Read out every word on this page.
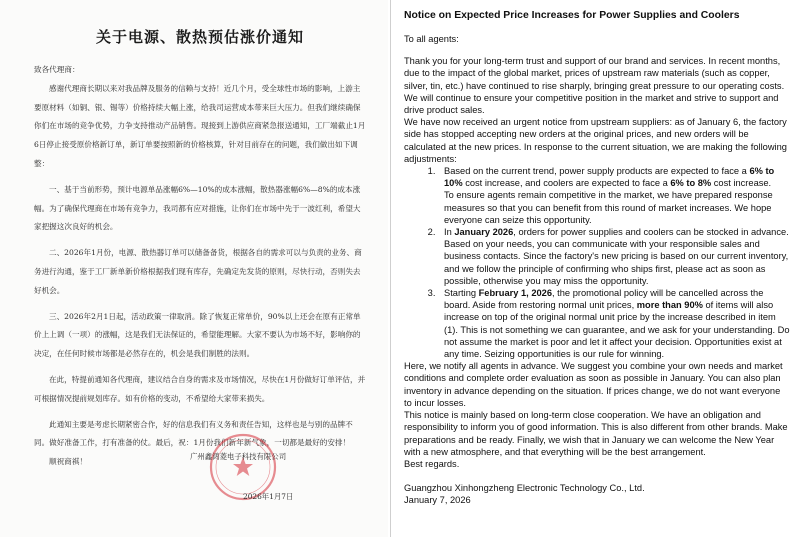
关于电源、散热预估涨价通知

致各代理商：

感谢代理商长期以来对我品牌及服务的信赖与支持！近几个月，受全球性市场的影响，上游主要原材料（如铜、银、锡等）价格持续大幅上涨，给我司运营成本带来巨大压力。但我们继续确保你们在市场的竞争优势，力争支持推动产品销售。现接到上游供应商紧急报送通知，工厂端截止1月6日停止接受原价格新订单，新订单要按照新的价格核算，针对目前存在的问题，我们做出如下调整：

一、基于当前形势，预计电源单品涨幅6%—10%的成本涨幅，散热器涨幅6%—8%的成本涨幅。为了确保代理商在市场有竞争力，我司都有应对措施，让你们在市场中先于一波红利，希望大家把握这次良好的机会。

二、2026年1月份，电源、散热器订单可以储备备货，根据各自的需求可以与负责的业务、商务进行沟通，鉴于工厂新单新价格根据我们现有库存，先确定先发货的原则，尽快行动，否则失去好机会。

三、2026年2月1日起，活动政策一律取消。除了恢复正常单价，90%以上还会在原有正常单价上上调（一项）的涨幅，这是我们无法保证的，希望能理解。大家不要认为市场不好，影响你的决定，在任何时候市场都是必然存在的，机会是我们制胜的法则。

在此，特提前通知各代理商，建议结合自身的需求及市场情况，尽快在1月份做好订单评估，并可根据情况提前规划库存。如有价格的变动，不希望给大家带来损失。

此通知主要是考虑长期紧密合作，好的信息我们有义务和责任告知，这样也是与别的品牌不同。做好准备工作，打有准备的仗。最后，祝：1月份我们新年新气象，一切都是最好的安排！

顺祝商祺！

广州鑫鸿菱电子科技有限公司
2026年1月7日
Notice on Expected Price Increases for Power Supplies and Coolers

To all agents:

Thank you for your long-term trust and support of our brand and services. In recent months, due to the impact of the global market, prices of upstream raw materials (such as copper, silver, tin, etc.) have continued to rise sharply, bringing great pressure to our operating costs. We will continue to ensure your competitive position in the market and strive to support and drive product sales.

We have now received an urgent notice from upstream suppliers: as of January 6, the factory side has stopped accepting new orders at the original prices, and new orders will be calculated at the new prices. In response to the current situation, we are making the following adjustments:

1. Based on the current trend, power supply products are expected to face a 6% to 10% cost increase, and coolers are expected to face a 6% to 8% cost increase.
To ensure agents remain competitive in the market, we have prepared response measures so that you can benefit from this round of market increases. We hope everyone can seize this opportunity.
2. In January 2026, orders for power supplies and coolers can be stocked in advance. Based on your needs, you can communicate with your responsible sales and business contacts. Since the factory's new pricing is based on our current inventory, and we follow the principle of confirming who ships first, please act as soon as possible, otherwise you may miss the opportunity.
3. Starting February 1, 2026, the promotional policy will be cancelled across the board. Aside from restoring normal unit prices, more than 90% of items will also increase on top of the original normal unit price by the increase described in item (1). This is not something we can guarantee, and we ask for your understanding. Do not assume the market is poor and let it affect your decision. Opportunities exist at any time. Seizing opportunities is our rule for winning.

Here, we notify all agents in advance. We suggest you combine your own needs and market conditions and complete order evaluation as soon as possible in January. You can also plan inventory in advance depending on the situation. If prices change, we do not want everyone to incur losses.

This notice is mainly based on long-term close cooperation. We have an obligation and responsibility to inform you of good information. This is also different from other brands. Make preparations and be ready. Finally, we wish that in January we can welcome the New Year with a new atmosphere, and that everything will be the best arrangement.

Best regards.

Guangzhou Xinhongzheng Electronic Technology Co., Ltd.

January 7, 2026
